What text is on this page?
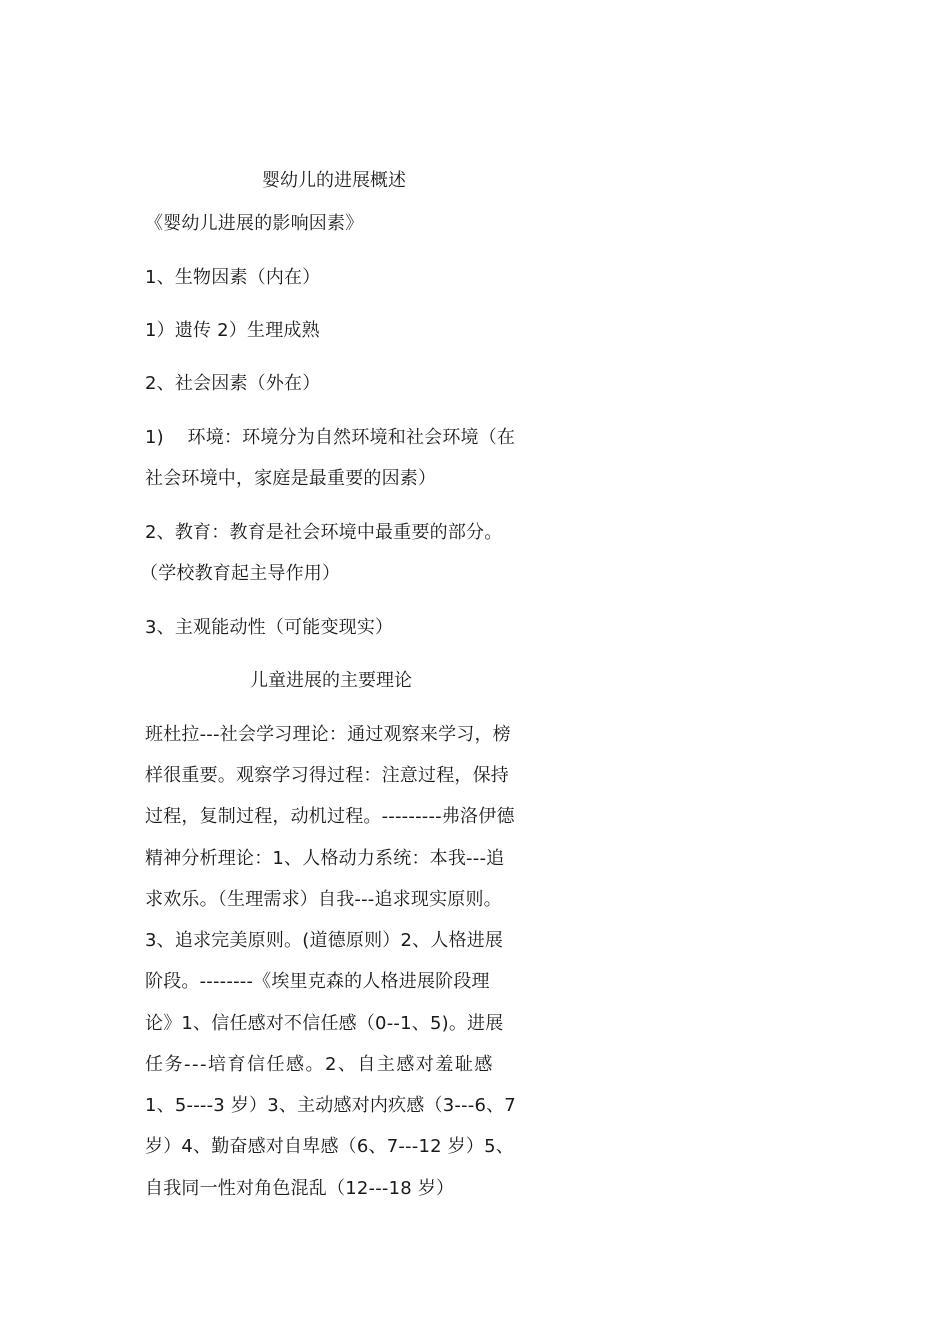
婴幼儿的进展概述
《婴幼儿进展的影响因素》
1、生物因素（内在）
1）遗传 2）生理成熟
2、社会因素（外在）
1)    环境：环境分为自然环境和社会环境（在
社会环境中，家庭是最重要的因素）
2、教育：教育是社会环境中最重要的部分。
（学校教育起主导作用）
3、主观能动性（可能变现实）
儿童进展的主要理论
班杜拉---社会学习理论：通过观察来学习，榜
样很重要。观察学习得过程：注意过程，保持
过程，复制过程，动机过程。---------弗洛伊德
精神分析理论：1、人格动力系统：本我---追
求欢乐。（生理需求）自我---追求现实原则。
3、追求完美原则。(道德原则）2、人格进展
阶段。--------《埃里克森的人格进展阶段理
论》1、信任感对不信任感（0--1、5)。进展
任务---培育信任感。2、自主感对羞耻感
1、5----3 岁）3、主动感对内疚感（3---6、7
岁）4、勤奋感对自卑感（6、7---12 岁）5、
自我同一性对角色混乱（12---18 岁）
